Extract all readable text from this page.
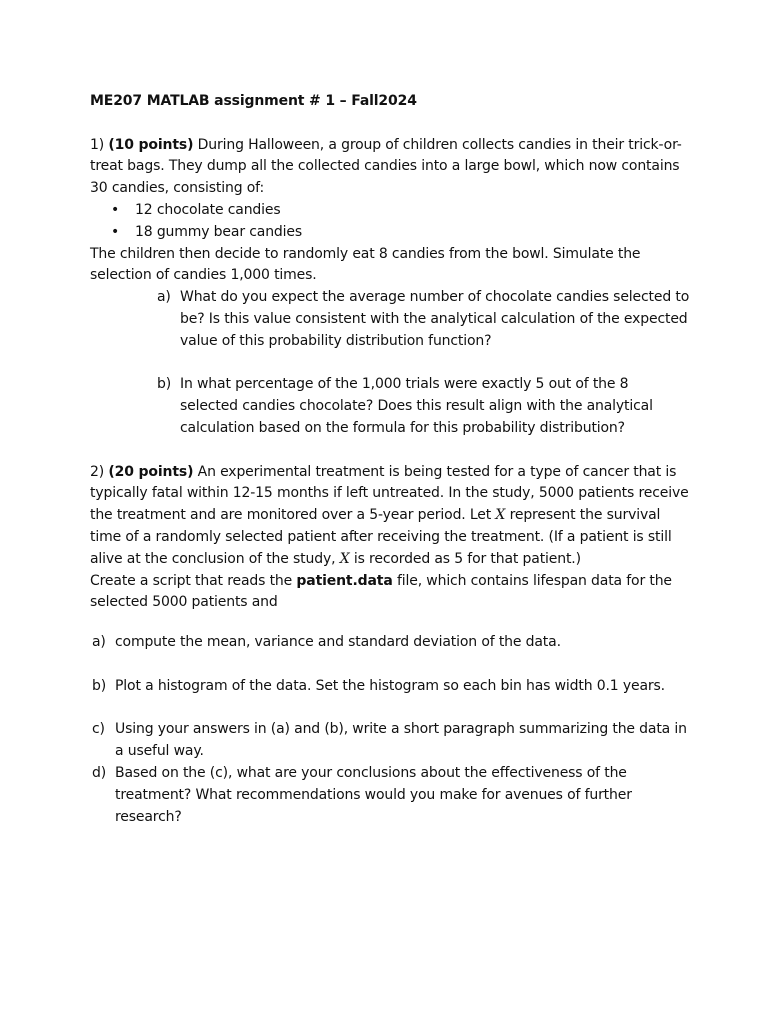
ME207 MATLAB assignment # 1 – Fall2024

1) (10 points) During Halloween, a group of children collects candies in their trick-or-treat bags. They dump all the collected candies into a large bowl, which now contains 30 candies, consisting of:

• 12 chocolate candies
• 18 gummy bear candies

The children then decide to randomly eat 8 candies from the bowl. Simulate the selection of candies 1,000 times.

a) What do you expect the average number of chocolate candies selected to be? Is this value consistent with the analytical calculation of the expected value of this probability distribution function?
b) In what percentage of the 1,000 trials were exactly 5 out of the 8 selected candies chocolate? Does this result align with the analytical calculation based on the formula for this probability distribution?

2) (20 points) An experimental treatment is being tested for a type of cancer that is typically fatal within 12-15 months if left untreated. In the study, 5000 patients receive the treatment and are monitored over a 5-year period. Let X represent the survival time of a randomly selected patient after receiving the treatment. (If a patient is still alive at the conclusion of the study, X is recorded as 5 for that patient.)

Create a script that reads the patient.data file, which contains lifespan data for the selected 5000 patients and

a) compute the mean, variance and standard deviation of the data.
b) Plot a histogram of the data. Set the histogram so each bin has width 0.1 years.
c) Using your answers in (a) and (b), write a short paragraph summarizing the data in a useful way.
d) Based on the (c), what are your conclusions about the effectiveness of the treatment? What recommendations would you make for avenues of further research?
